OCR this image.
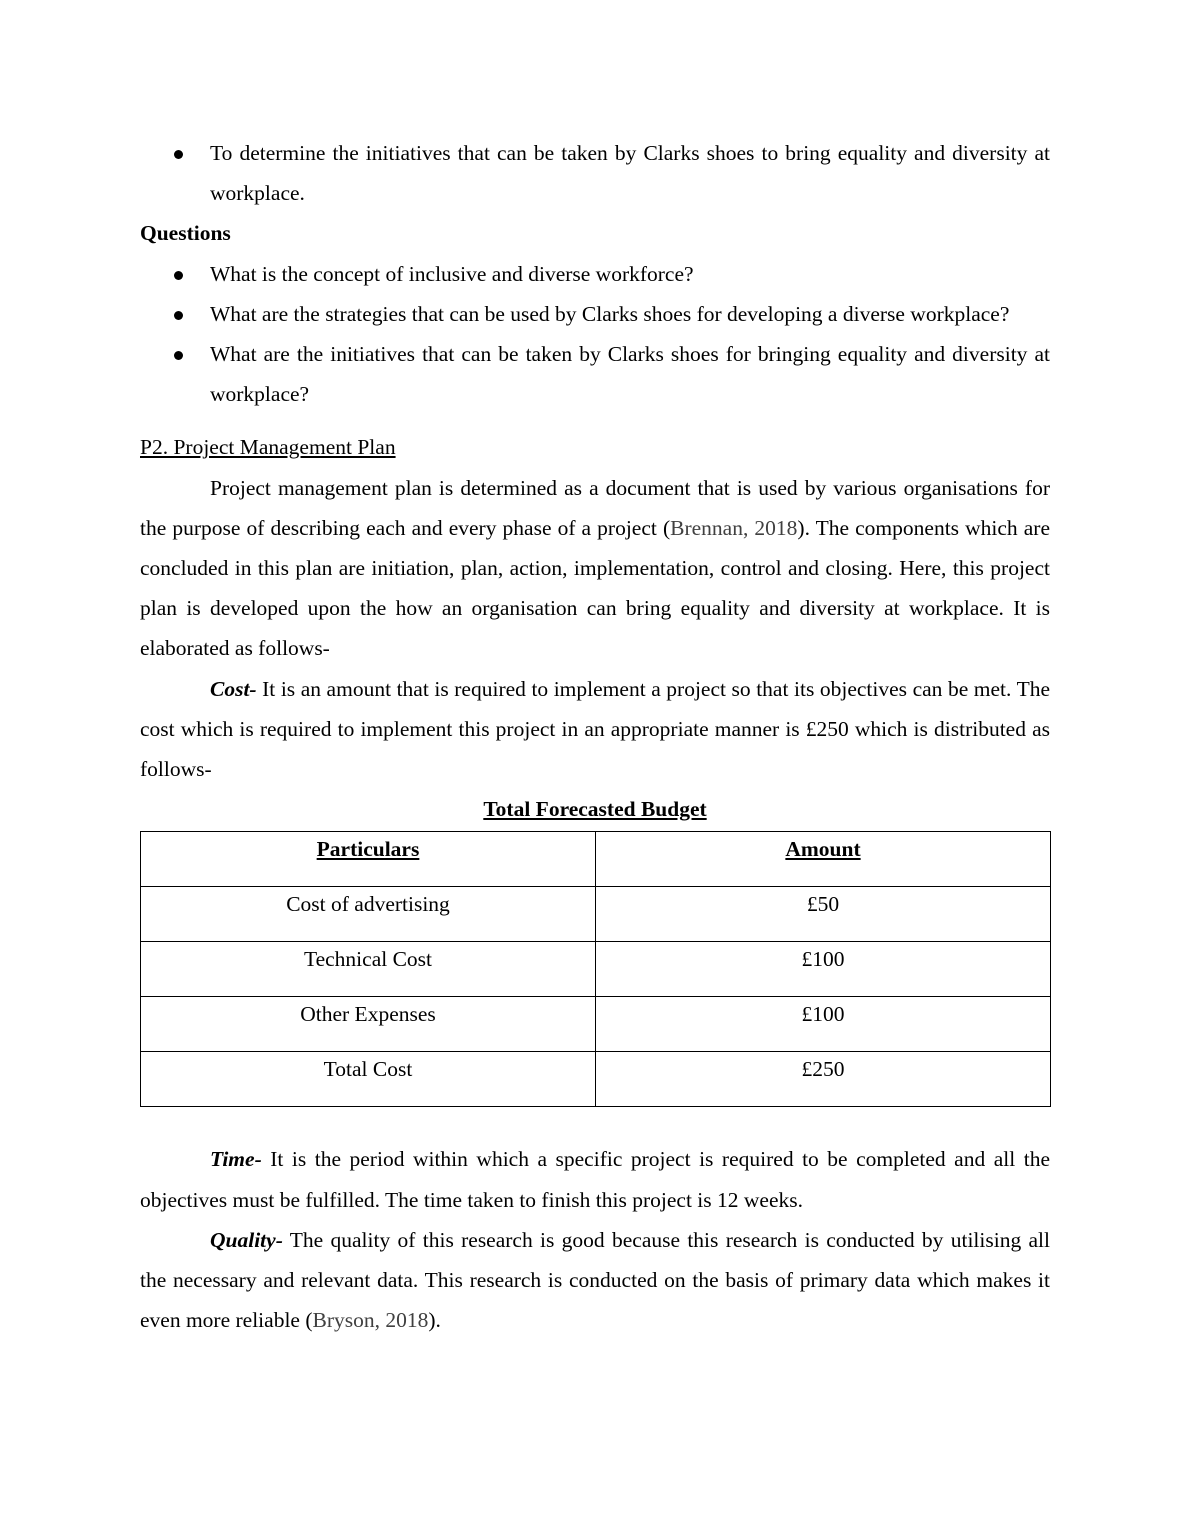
To determine the initiatives that can be taken by Clarks shoes to bring equality and diversity at workplace.
Questions
What is the concept of inclusive and diverse workforce?
What are the strategies that can be used by Clarks shoes for developing a diverse workplace?
What are the initiatives that can be taken by Clarks shoes for bringing equality and diversity at workplace?
P2. Project Management Plan

Project management plan is determined as a document that is used by various organisations for the purpose of describing each and every phase of a project (Brennan, 2018). The components which are concluded in this plan are initiation, plan, action, implementation, control and closing. Here, this project plan is developed upon the how an organisation can bring equality and diversity at workplace. It is elaborated as follows-

Cost- It is an amount that is required to implement a project so that its objectives can be met. The cost which is required to implement this project in an appropriate manner is £250 which is distributed as follows-

Total Forecasted Budget
Particulars	Amount
Cost of advertising	£50
Technical Cost	£100
Other Expenses	£100
Total Cost	£250

Time- It is the period within which a specific project is required to be completed and all the objectives must be fulfilled. The time taken to finish this project is 12 weeks.

Quality- The quality of this research is good because this research is conducted by utilising all the necessary and relevant data. This research is conducted on the basis of primary data which makes it even more reliable (Bryson, 2018).
